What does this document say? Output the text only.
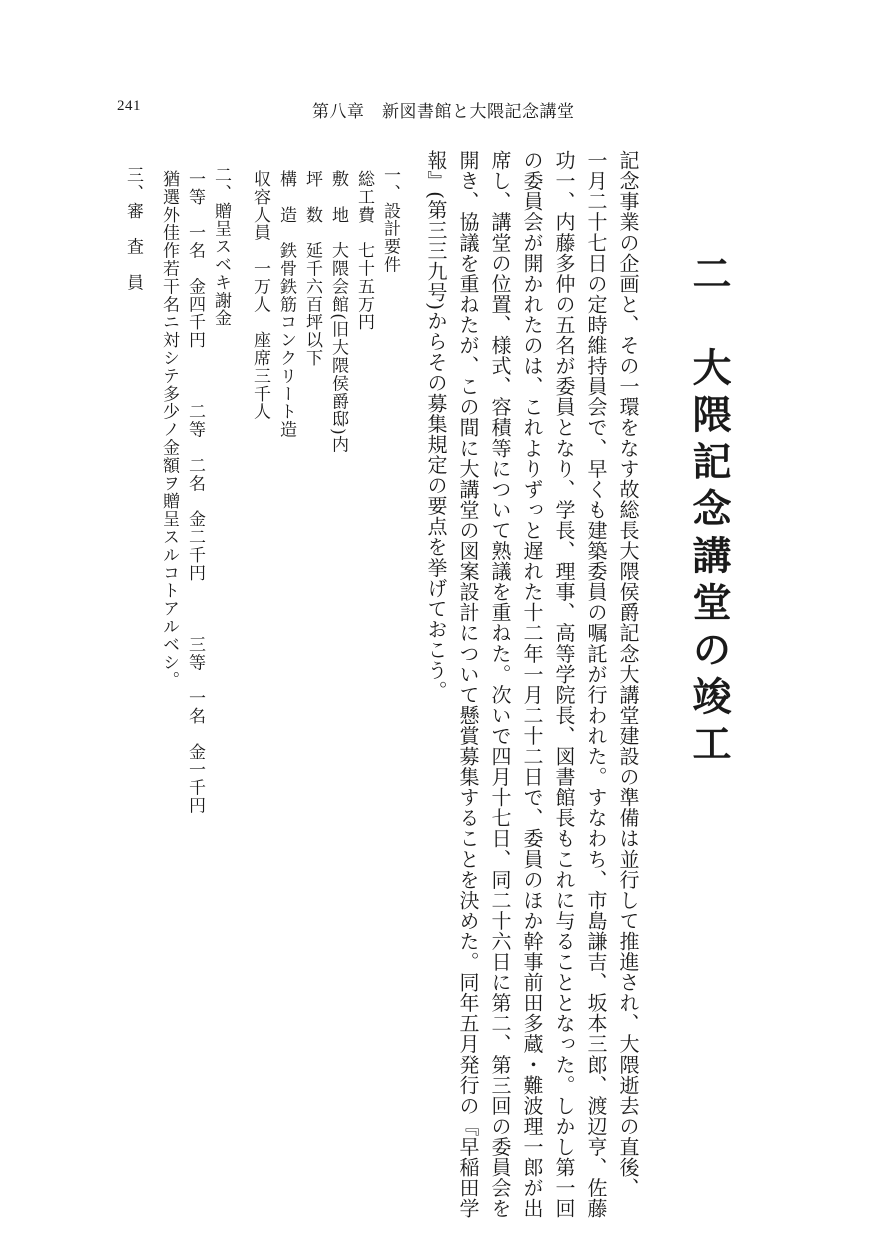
241	第八章　新図書館と大隈記念講堂
二　大隈記念講堂の竣工
記念事業の企画と、その一環をなす故総長大隈侯爵記念大講堂建設の準備は並行して推進され、大隈逝去の直後、
一月二十七日の定時維持員会で、早くも建築委員の嘱託が行われた。すなわち、市島謙吉、坂本三郎、渡辺亨、佐藤
功一、内藤多仲の五名が委員となり、学長、理事、高等学院長、図書館長もこれに与ることとなった。しかし第一回
の委員会が開かれたのは、これよりずっと遅れた十二年一月二十二日で、委員のほか幹事前田多蔵・難波理一郎が出
席し、講堂の位置、様式、容積等について熟議を重ねた。次いで四月十七日、同二十六日に第二、第三回の委員会を
開き、協議を重ねたが、この間に大講堂の図案設計について懸賞募集することを決めた。同年五月発行の『早稲田学
報』(第三三九号)からその募集規定の要点を挙げておこう。
一、設計要件
総工費　七十五万円
敷　地　大隈会館(旧大隈侯爵邸)内
坪　数　延千六百坪以下
構　造　鉄骨鉄筋コンクリート造
収容人員　一万人　座席三千人
二、贈呈スベキ謝金
一等　一名　金四千円　　　二等　二名　金二千円　　　三等　一名　金一千円
猶選外佳作若干名ニ対シテ多少ノ金額ヲ贈呈スルコトアルベシ。
三、審　査　員
